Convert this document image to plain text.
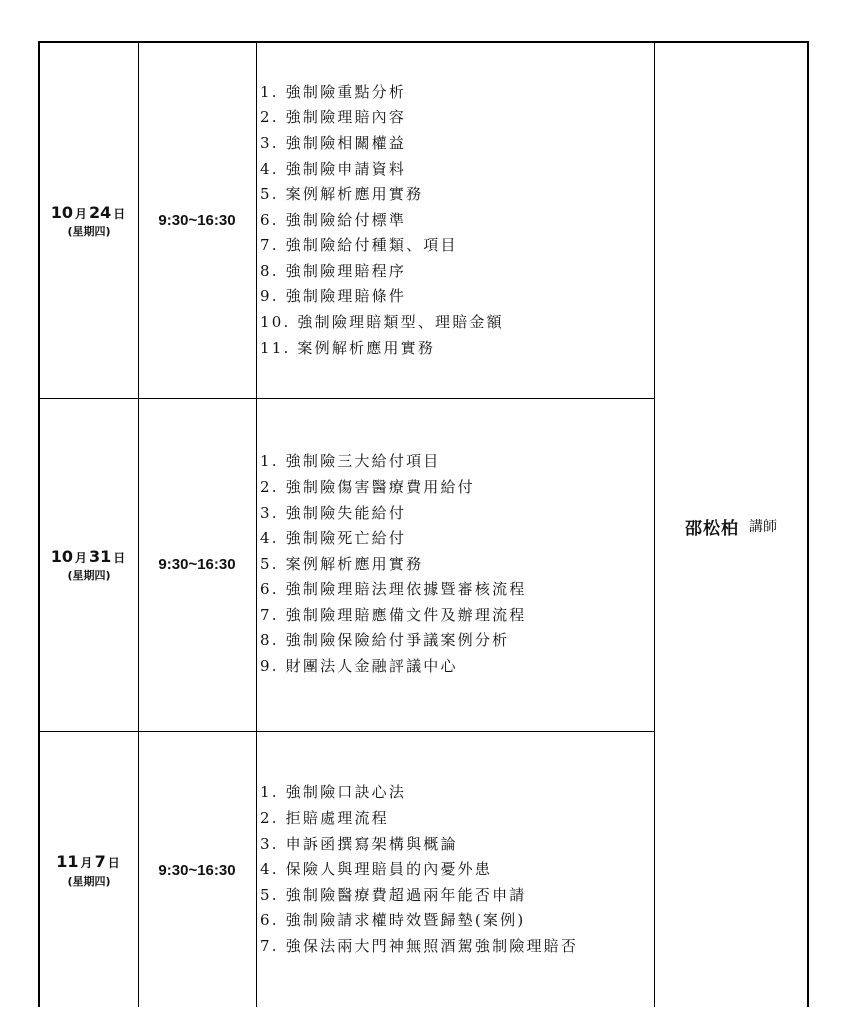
10 月 24 日
(星期四)
9:30~16:30
1. 強制險重點分析
2. 強制險理賠內容
3. 強制險相關權益
4. 強制險申請資料
5. 案例解析應用實務
6. 強制險給付標準
7. 強制險給付種類、項目
8. 強制險理賠程序
9. 強制險理賠條件
10. 強制險理賠類型、理賠金額
11. 案例解析應用實務
10 月 31 日
(星期四)
9:30~16:30
1. 強制險三大給付項目
2. 強制險傷害醫療費用給付
3. 強制險失能給付
4. 強制險死亡給付
5. 案例解析應用實務
6. 強制險理賠法理依據暨審核流程
7. 強制險理賠應備文件及辦理流程
8. 強制險保險給付爭議案例分析
9. 財團法人金融評議中心
11 月 7 日
(星期四)
9:30~16:30
1. 強制險口訣心法
2. 拒賠處理流程
3. 申訴函撰寫架構與概論
4. 保險人與理賠員的內憂外患
5. 強制險醫療費超過兩年能否申請
6. 強制險請求權時效暨歸墊(案例)
7. 強保法兩大門神無照酒駕強制險理賠否
邵松柏 講師
